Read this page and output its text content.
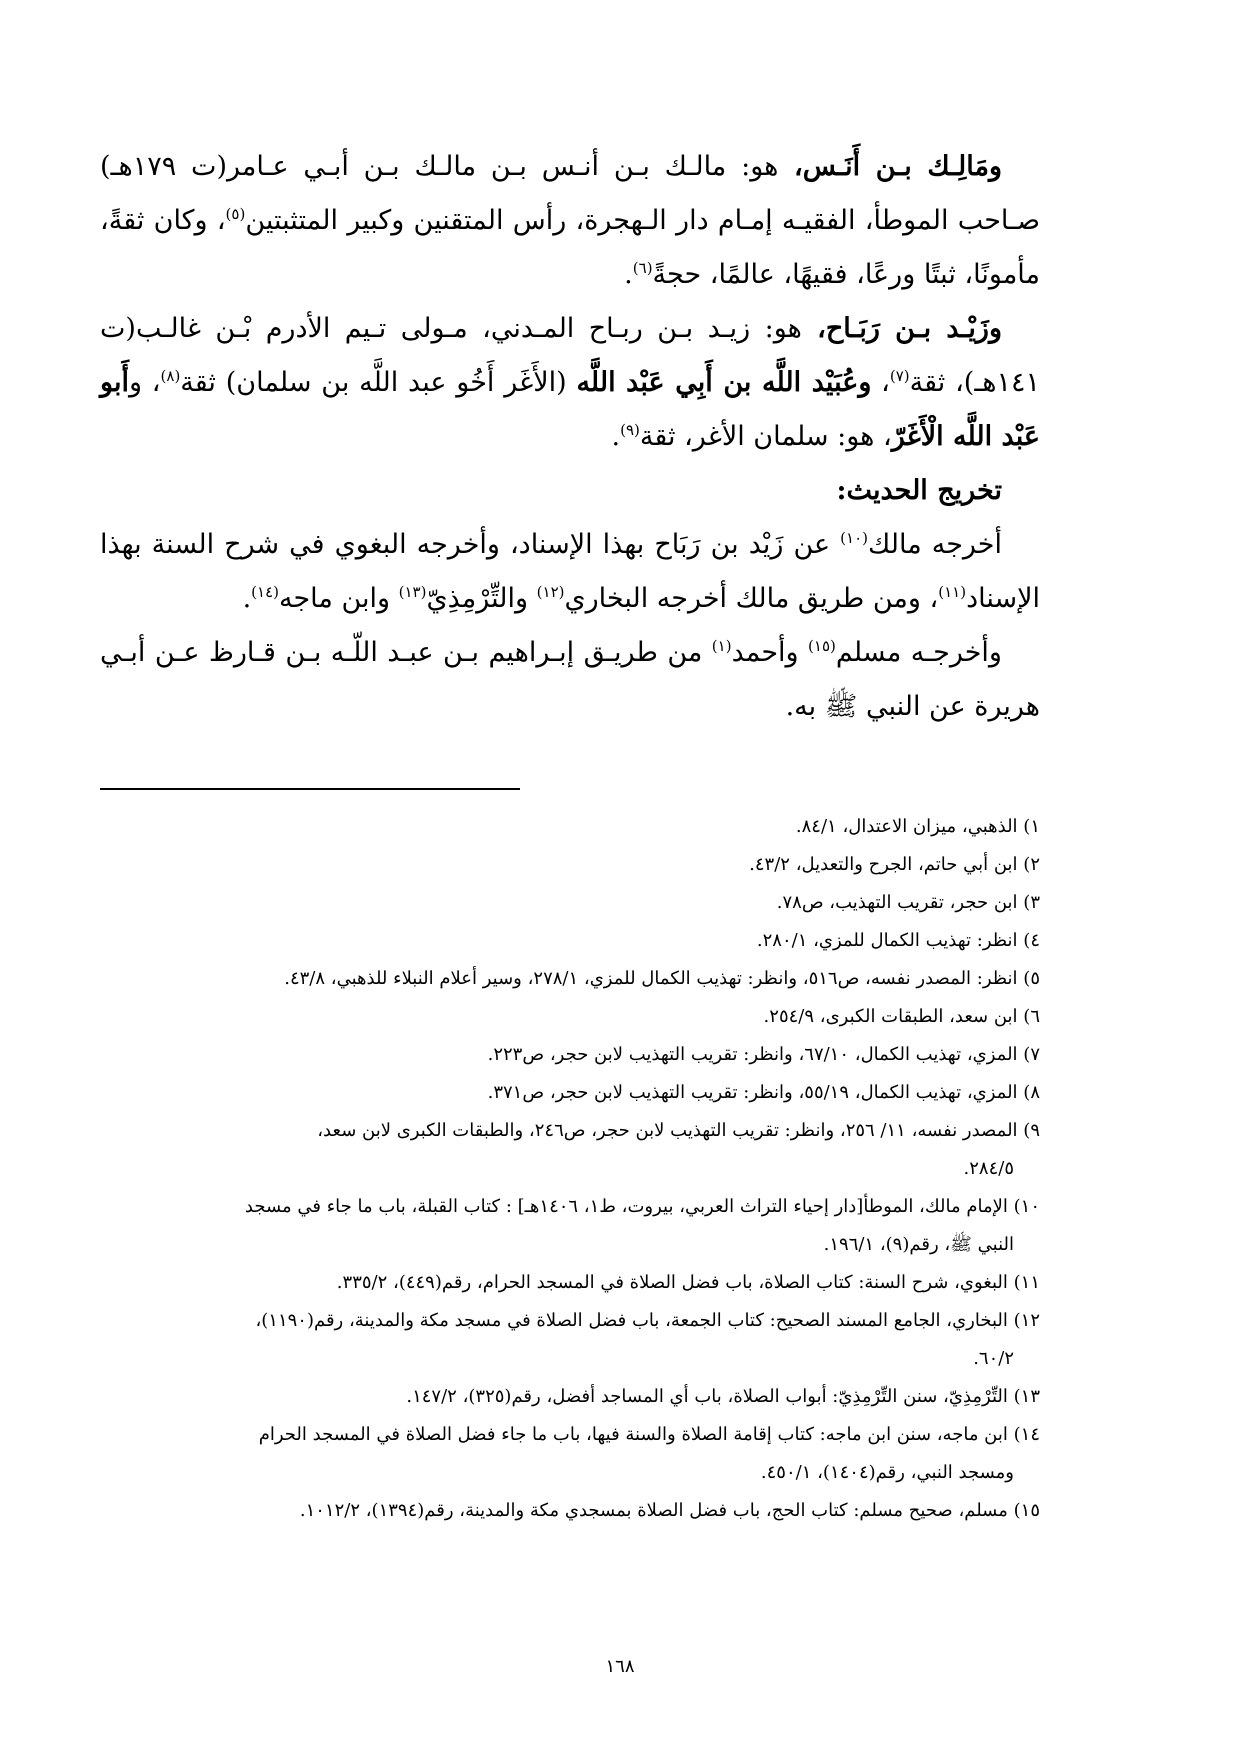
ومَالِـك بـن أَنَـس، هو: مالـك بـن أنـس بـن مالـك بـن أبـي عـامر(ت ١٧٩هـ) صـاحب الموطأ، الفقيـه إمـام دار الـهجرة، رأس المتقنين وكبير المتثبتين$^{(٥)}$، وكان ثقةً، مأمونًا، ثبتًا ورعًا، فقيهًا، عالمًا، حجةً$^{(٦)}$.

وزَيْـد بـن رَبَـاح، هو: زيـد بـن ربـاح المـدني، مـولى تـيم الأدرم بْـن غالـب(ت ١٤١هـ)، ثقة$^{(٧)}$، وعُبَيْد اللَّه بن أَبِي عَبْد اللَّه (الأَغَر أَخُو عبد اللَّه بن سلمان) ثقة$^{(٨)}$، وأَبو عَبْد اللَّه الْأَغَرّ، هو: سلمان الأغر، ثقة$^{(٩)}$.

تخريج الحديث:

أخرجه مالك$^{(١٠)}$ عن زَيْد بن رَبَاح بهذا الإسناد، وأخرجه البغوي في شرح السنة بهذا الإسناد$^{(١١)}$، ومن طريق مالك أخرجه البخاري$^{(١٢)}$ والتِّرْمِذِيّ$^{(١٣)}$ وابن ماجه$^{(١٤)}$.

وأخرجـه مسلم$^{(١٥)}$ وأحمد$^{(١)}$ من طريـق إبـراهيم بـن عبـد اللّـه بـن قـارظ عـن أبـي هريرة عن النبي ﷺ به.

١) الذهبي، ميزان الاعتدال، ٨٤/١.

٢) ابن أبي حاتم، الجرح والتعديل، ٤٣/٢.

٣) ابن حجر، تقريب التهذيب، ص٧٨.

٤) انظر: تهذيب الكمال للمزي، ٢٨٠/١.

٥) انظر: المصدر نفسه، ص٥١٦، وانظر: تهذيب الكمال للمزي، ٢٧٨/١، وسير أعلام النبلاء للذهبي، ٤٣/٨.

٦) ابن سعد، الطبقات الكبرى، ٢٥٤/٩.

٧) المزي، تهذيب الكمال، ٦٧/١٠، وانظر: تقريب التهذيب لابن حجر، ص٢٢٣.

٨) المزي، تهذيب الكمال، ٥٥/١٩، وانظر: تقريب التهذيب لابن حجر، ص٣٧١.

٩) المصدر نفسه، ١١/ ٢٥٦، وانظر: تقريب التهذيب لابن حجر، ص٢٤٦، والطبقات الكبرى لابن سعد،
٢٨٤/٥.

١٠) الإمام مالك، الموطأ[دار إحياء التراث العربي، بيروت، ط١، ١٤٠٦هـ] : كتاب القبلة، باب ما جاء في مسجد
النبي ﷺ، رقم(٩)، ١٩٦/١.

١١) البغوي، شرح السنة: كتاب الصلاة، باب فضل الصلاة في المسجد الحرام، رقم(٤٤٩)، ٣٣٥/٢.

١٢) البخاري، الجامع المسند الصحيح: كتاب الجمعة، باب فضل الصلاة في مسجد مكة والمدينة، رقم(١١٩٠)،
٦٠/٢.

١٣) التِّرْمِذِيّ، سنن التِّرْمِذِيّ: أبواب الصلاة، باب أي المساجد أفضل، رقم(٣٢٥)، ١٤٧/٢.

١٤) ابن ماجه، سنن ابن ماجه: كتاب إقامة الصلاة والسنة فيها، باب ما جاء فضل الصلاة في المسجد الحرام
ومسجد النبي، رقم(١٤٠٤)، ٤٥٠/١.

١٥) مسلم، صحيح مسلم: كتاب الحج، باب فضل الصلاة بمسجدي مكة والمدينة، رقم(١٣٩٤)، ١٠١٢/٢.

١٦٨
